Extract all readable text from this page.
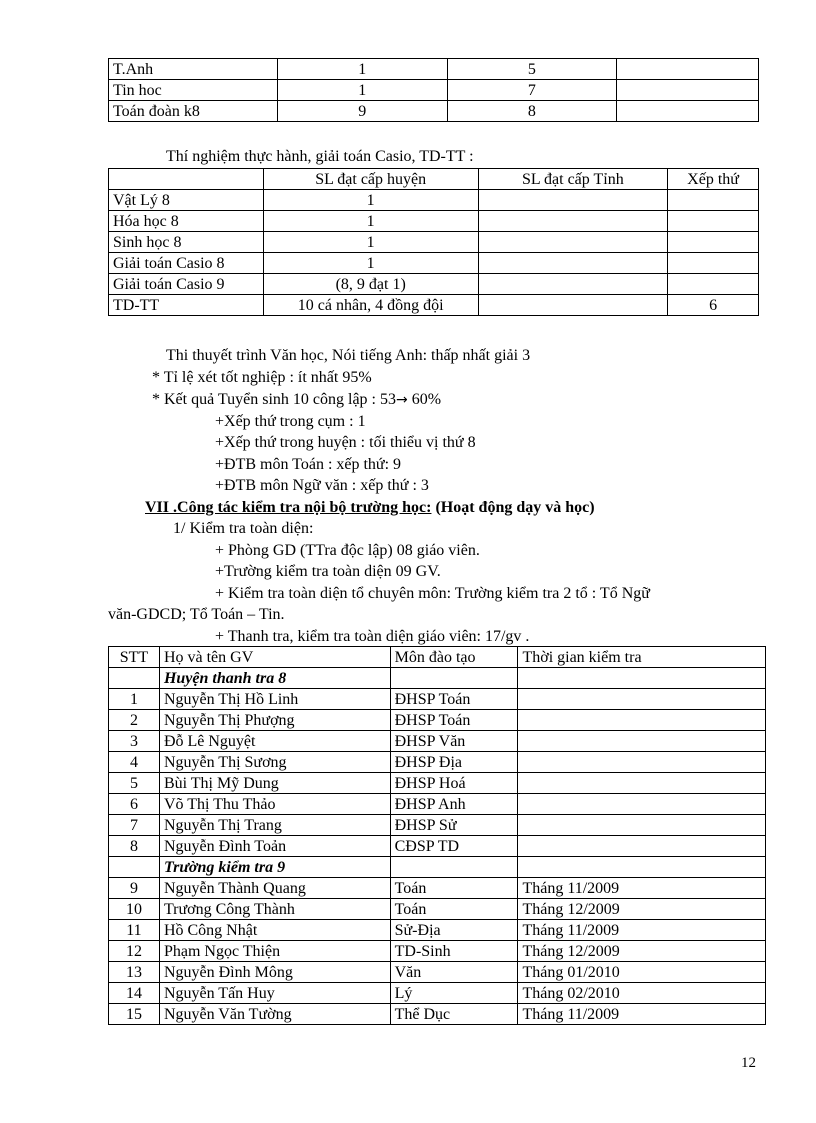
T.Anh	1	5	
Tin hoc	1	7	
Toán đoàn k8	9	8	
Thí nghiệm thực hành, giải toán Casio, TD-TT :
	SL đạt cấp huyện	SL đạt cấp Tỉnh	Xếp thứ
Vật Lý 8	1		
Hóa học 8	1		
Sinh học 8	1		
Giải toán Casio 8	1		
Giải toán Casio 9	(8, 9 đạt 1)		
TD-TT	10 cá nhân, 4 đồng đội		6
Thi thuyết trình Văn học, Nói tiếng Anh: thấp nhất giải 3
* Tỉ lệ xét tốt nghiệp : ít nhất 95%
* Kết quả Tuyển sinh 10 công lập : 53→ 60%
+Xếp thứ trong cụm : 1
+Xếp thứ trong huyện : tối thiểu vị thứ 8
+ĐTB môn Toán : xếp thứ: 9
+ĐTB môn Ngữ văn : xếp thứ : 3
VII .Công tác kiểm tra nội bộ trường học: (Hoạt động dạy và học)
1/ Kiểm tra toàn diện:
+ Phòng GD (TTra độc lập) 08 giáo viên.
+Trường kiểm tra toàn diện 09 GV.
+ Kiểm tra toàn diện tổ chuyên môn: Trường kiểm tra 2 tổ : Tổ Ngữ
văn-GDCD; Tổ Toán – Tin.
+ Thanh tra, kiểm tra toàn diện giáo viên: 17/gv .
STT	Họ và tên GV	Môn đào tạo	Thời gian kiểm tra
	Huyện thanh tra 8		
1	Nguyễn Thị Hồ Linh	ĐHSP Toán	
2	Nguyễn Thị Phượng	ĐHSP Toán	
3	Đỗ Lê Nguyệt	ĐHSP Văn	
4	Nguyễn Thị Sương	ĐHSP Địa	
5	Bùi Thị Mỹ Dung	ĐHSP Hoá	
6	Võ Thị Thu Thảo	ĐHSP Anh	
7	Nguyễn Thị Trang	ĐHSP Sử	
8	Nguyễn Đình Toản	CĐSP TD	
	Trường kiểm tra 9		
9	Nguyễn Thành Quang	Toán	Tháng 11/2009
10	Trương Công Thành	Toán	Tháng 12/2009
11	Hồ Công Nhật	Sử-Địa	Tháng 11/2009
12	Phạm Ngọc Thiện	TD-Sinh	Tháng 12/2009
13	Nguyễn Đình Mông	Văn	Tháng 01/2010
14	Nguyễn Tấn Huy	Lý	Tháng 02/2010
15	Nguyễn Văn Tường	Thể Dục	Tháng 11/2009
12
